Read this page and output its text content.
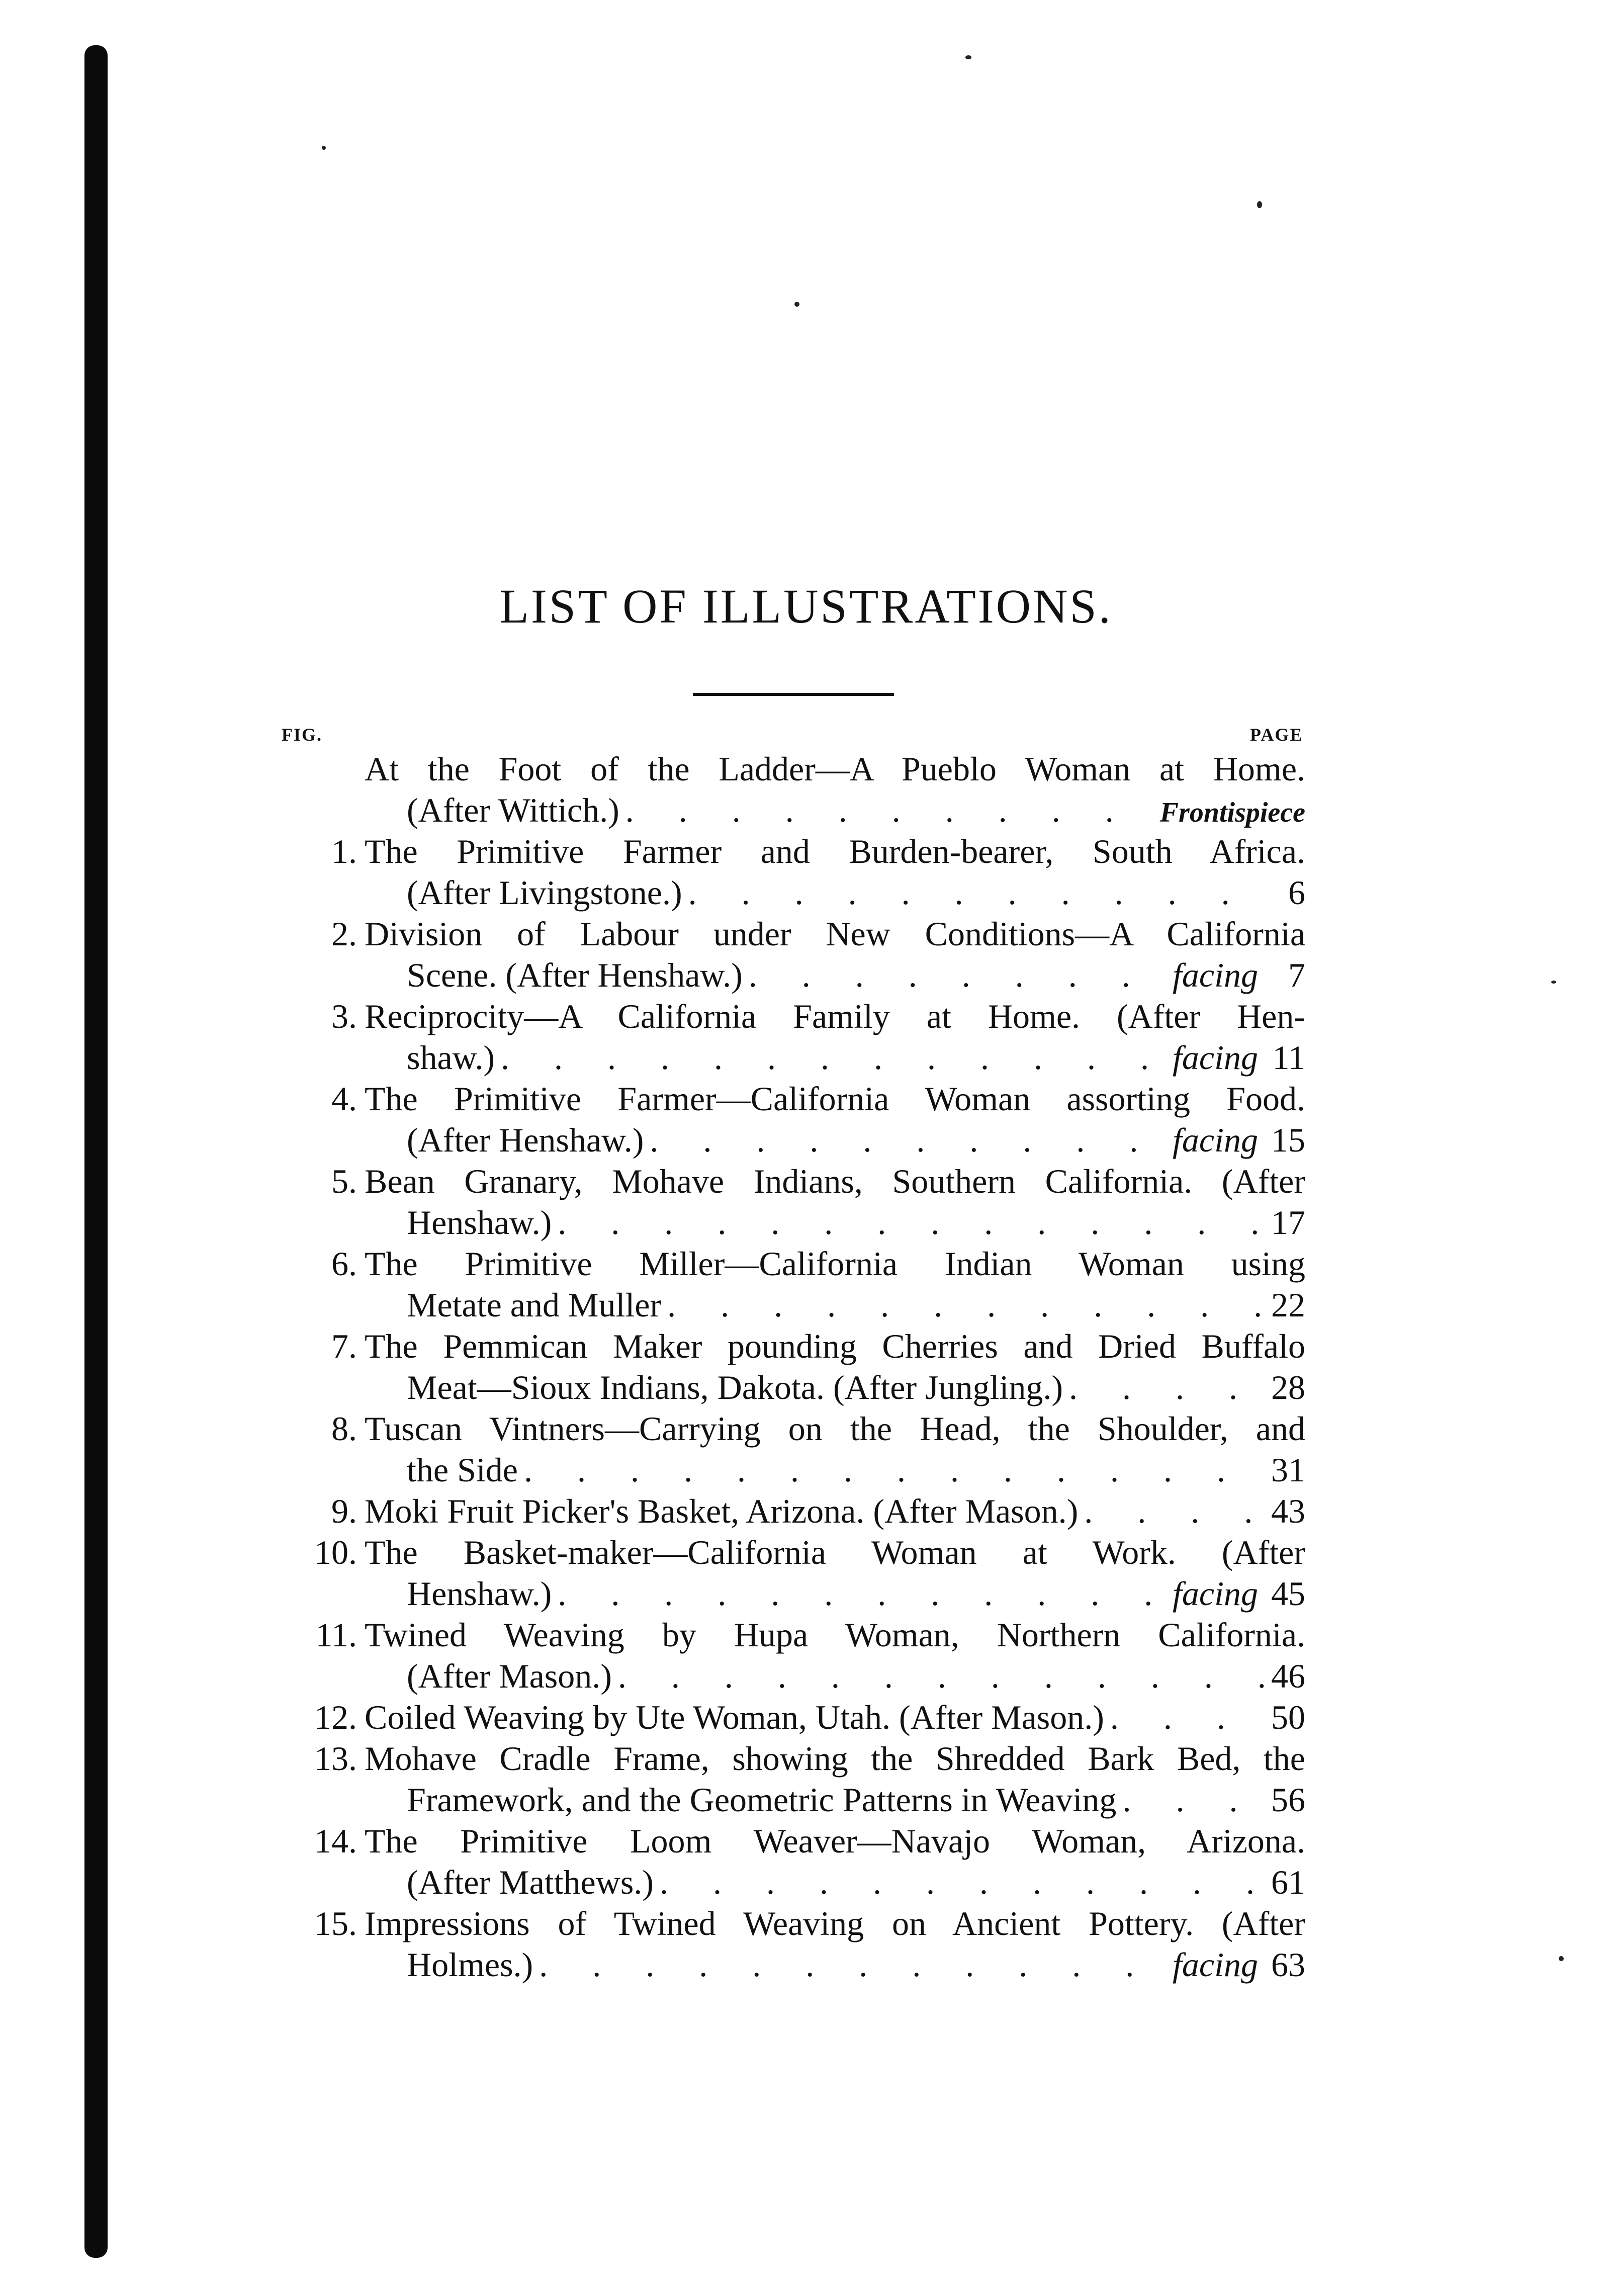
LIST OF ILLUSTRATIONS.
FIG.	PAGE
At the Foot of the Ladder—A Pueblo Woman at Home.
(After Wittich.) . . .	Frontispiece
1. The Primitive Farmer and Burden-bearer, South Africa.
(After Livingstone.) . . .	6
2. Division of Labour under New Conditions—A California
Scene. (After Henshaw.) . . .	facing 7
3. Reciprocity—A California Family at Home. (After Hen-
shaw.) . . .	facing 11
4. The Primitive Farmer—California Woman assorting Food.
(After Henshaw.) . . .	facing 15
5. Bean Granary, Mohave Indians, Southern California. (After
Henshaw.) . . .	17
6. The Primitive Miller—California Indian Woman using
Metate and Muller . . .	22
7. The Pemmican Maker pounding Cherries and Dried Buffalo
Meat—Sioux Indians, Dakota. (After Jungling.) . . .	28
8. Tuscan Vintners—Carrying on the Head, the Shoulder, and
the Side . . .	31
9. Moki Fruit Picker's Basket, Arizona. (After Mason.) . . .	43
10. The Basket-maker—California Woman at Work. (After
Henshaw.) . . .	facing 45
11. Twined Weaving by Hupa Woman, Northern California.
(After Mason.) . . .	46
12. Coiled Weaving by Ute Woman, Utah. (After Mason.) . . .	50
13. Mohave Cradle Frame, showing the Shredded Bark Bed, the
Framework, and the Geometric Patterns in Weaving . . .	56
14. The Primitive Loom Weaver—Navajo Woman, Arizona.
(After Matthews.) . . .	61
15. Impressions of Twined Weaving on Ancient Pottery. (After
Holmes.) . . .	facing 63
